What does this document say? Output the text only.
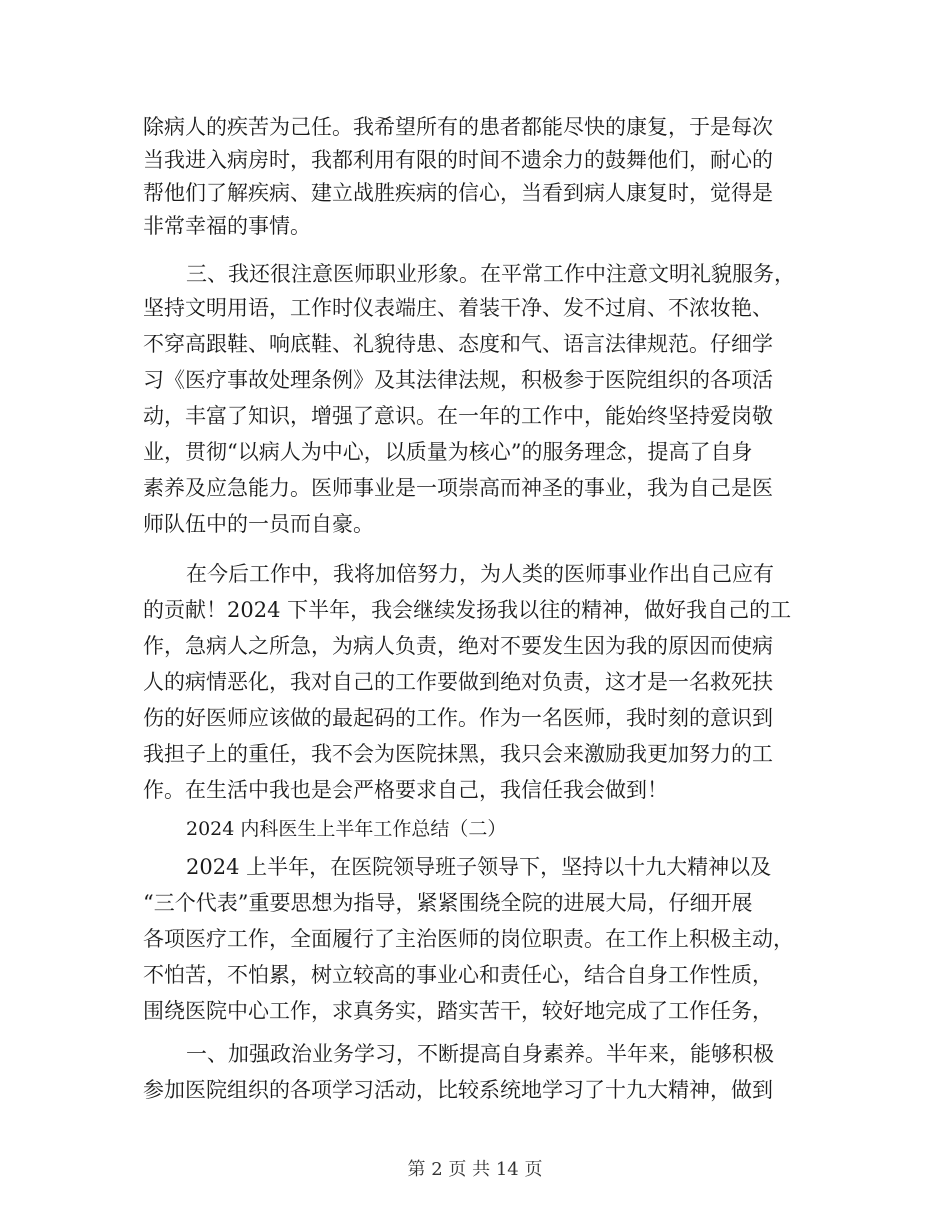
除病人的疾苦为己任。我希望所有的患者都能尽快的康复，于是每次
当我进入病房时，我都利用有限的时间不遗余力的鼓舞他们，耐心的
帮他们了解疾病、建立战胜疾病的信心，当看到病人康复时，觉得是
非常幸福的事情。
三、我还很注意医师职业形象。在平常工作中注意文明礼貌服务，
坚持文明用语，工作时仪表端庄、着装干净、发不过肩、不浓妆艳、
不穿高跟鞋、响底鞋、礼貌待患、态度和气、语言法律规范。仔细学
习《医疗事故处理条例》及其法律法规，积极参于医院组织的各项活
动，丰富了知识，增强了意识。在一年的工作中，能始终坚持爱岗敬
业，贯彻“以病人为中心，以质量为核心”的服务理念，提高了自身
素养及应急能力。医师事业是一项崇高而神圣的事业，我为自己是医
师队伍中的一员而自豪。
在今后工作中，我将加倍努力，为人类的医师事业作出自己应有
的贡献！2024 下半年，我会继续发扬我以往的精神，做好我自己的工
作，急病人之所急，为病人负责，绝对不要发生因为我的原因而使病
人的病情恶化，我对自己的工作要做到绝对负责，这才是一名救死扶
伤的好医师应该做的最起码的工作。作为一名医师，我时刻的意识到
我担子上的重任，我不会为医院抹黑，我只会来激励我更加努力的工
作。在生活中我也是会严格要求自己，我信任我会做到！
2024 内科医生上半年工作总结（二）
2024 上半年，在医院领导班子领导下，坚持以十九大精神以及
“三个代表”重要思想为指导，紧紧围绕全院的进展大局，仔细开展
各项医疗工作，全面履行了主治医师的岗位职责。在工作上积极主动，
不怕苦，不怕累，树立较高的事业心和责任心，结合自身工作性质，
围绕医院中心工作，求真务实，踏实苦干，较好地完成了工作任务，
一、加强政治业务学习，不断提高自身素养。半年来，能够积极
参加医院组织的各项学习活动，比较系统地学习了十九大精神，做到
第 2 页 共 14 页
